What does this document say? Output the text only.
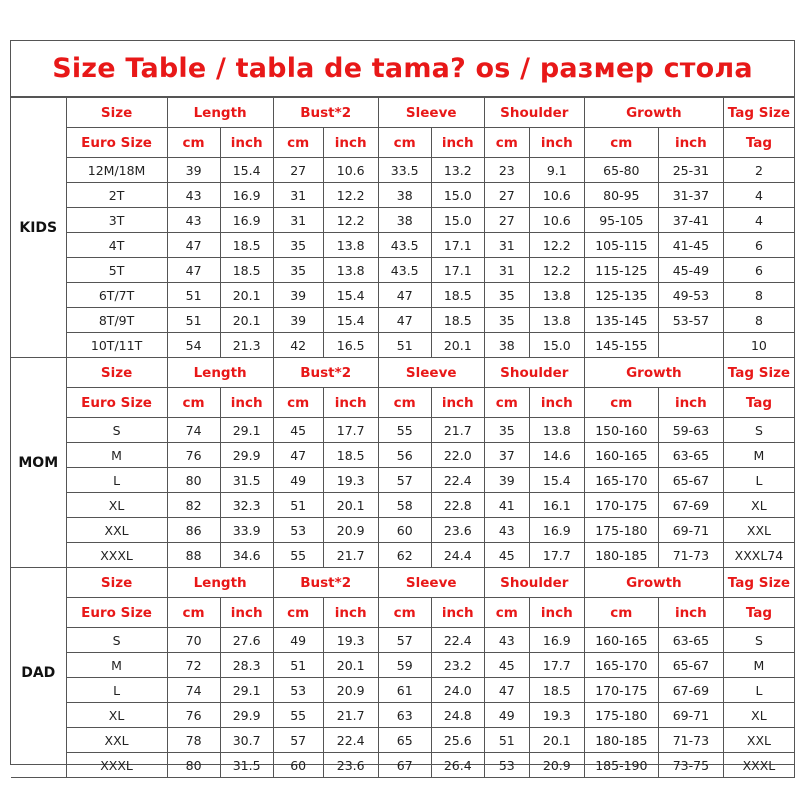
Size Table / tabla de tama? os / размер стола
KIDS	Size	Length		Bust*2		Sleeve		Shoulder		Growth		Tag Size
	Euro Size	cm	inch	cm	inch	cm	inch	cm	inch	cm	inch	Tag
	12M/18M	39	15.4	27	10.6	33.5	13.2	23	9.1	65-80	25-31	2
	2T	43	16.9	31	12.2	38	15.0	27	10.6	80-95	31-37	4
	3T	43	16.9	31	12.2	38	15.0	27	10.6	95-105	37-41	4
	4T	47	18.5	35	13.8	43.5	17.1	31	12.2	105-115	41-45	6
	5T	47	18.5	35	13.8	43.5	17.1	31	12.2	115-125	45-49	6
	6T/7T	51	20.1	39	15.4	47	18.5	35	13.8	125-135	49-53	8
	8T/9T	51	20.1	39	15.4	47	18.5	35	13.8	135-145	53-57	8
	10T/11T	54	21.3	42	16.5	51	20.1	38	15.0	145-155		10
MOM	Size	Length		Bust*2		Sleeve		Shoulder		Growth		Tag Size
	Euro Size	cm	inch	cm	inch	cm	inch	cm	inch	cm	inch	Tag
	S	74	29.1	45	17.7	55	21.7	35	13.8	150-160	59-63	S
	M	76	29.9	47	18.5	56	22.0	37	14.6	160-165	63-65	M
	L	80	31.5	49	19.3	57	22.4	39	15.4	165-170	65-67	L
	XL	82	32.3	51	20.1	58	22.8	41	16.1	170-175	67-69	XL
	XXL	86	33.9	53	20.9	60	23.6	43	16.9	175-180	69-71	XXL
	XXXL	88	34.6	55	21.7	62	24.4	45	17.7	180-185	71-73	XXXL74
DAD	Size	Length		Bust*2		Sleeve		Shoulder		Growth		Tag Size
	Euro Size	cm	inch	cm	inch	cm	inch	cm	inch	cm	inch	Tag
	S	70	27.6	49	19.3	57	22.4	43	16.9	160-165	63-65	S
	M	72	28.3	51	20.1	59	23.2	45	17.7	165-170	65-67	M
	L	74	29.1	53	20.9	61	24.0	47	18.5	170-175	67-69	L
	XL	76	29.9	55	21.7	63	24.8	49	19.3	175-180	69-71	XL
	XXL	78	30.7	57	22.4	65	25.6	51	20.1	180-185	71-73	XXL
	XXXL	80	31.5	60	23.6	67	26.4	53	20.9	185-190	73-75	XXXL
